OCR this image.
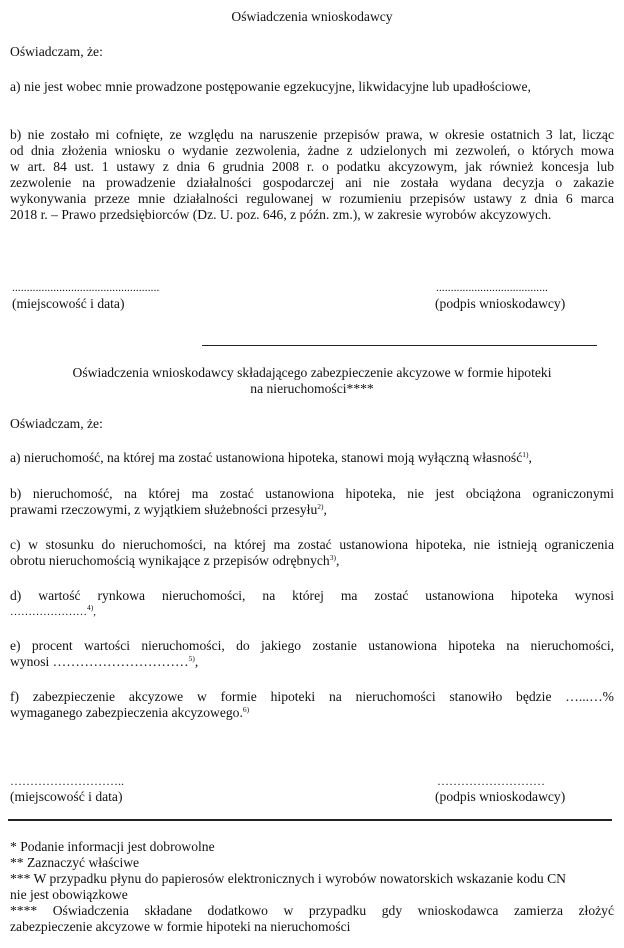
Oświadczenia wnioskodawcy
Oświadczam, że:
a) nie jest wobec mnie prowadzone postępowanie egzekucyjne, likwidacyjne lub upadłościowe,
b) nie zostało mi cofnięte, ze względu na naruszenie przepisów prawa, w okresie ostatnich 3 lat, licząc
od dnia złożenia wniosku o wydanie zezwolenia, żadne z udzielonych mi zezwoleń, o których mowa
w art. 84 ust. 1 ustawy z dnia 6 grudnia 2008 r. o podatku akcyzowym, jak również koncesja lub
zezwolenie na prowadzenie działalności gospodarczej ani nie została wydana decyzja o zakazie
wykonywania przeze mnie działalności regulowanej w rozumieniu przepisów ustawy z dnia 6 marca
2018 r. – Prawo przedsiębiorców (Dz. U. poz. 646, z późn. zm.), w zakresie wyrobów akcyzowych.
..................................................
(miejscowość i data)
......................................
(podpis wnioskodawcy)
Oświadczenia wnioskodawcy składającego zabezpieczenie akcyzowe w formie hipoteki
na nieruchomości****
Oświadczam, że:
a) nieruchomość, na której ma zostać ustanowiona hipoteka, stanowi moją wyłączną własność$^{1)}$,
b) nieruchomość, na której ma zostać ustanowiona hipoteka, nie jest obciążona ograniczonymi
prawami rzeczowymi, z wyjątkiem służebności przesyłu$^{2)}$,
c) w stosunku do nieruchomości, na której ma zostać ustanowiona hipoteka, nie istnieją ograniczenia
obrotu nieruchomością wynikające z przepisów odrębnych$^{3)}$,
d) wartość rynkowa nieruchomości, na której ma zostać ustanowiona hipoteka wynosi
…………………$^{4)}$,
e) procent wartości nieruchomości, do jakiego zostanie ustanowiona hipoteka na nieruchomości,
wynosi …………………………$^{5)}$,
f) zabezpieczenie akcyzowe w formie hipoteki na nieruchomości stanowiło będzie …...…%
wymaganego zabezpieczenia akcyzowego.$^{6)}$
………………………..
(miejscowość i data)
………………………
(podpis wnioskodawcy)
* Podanie informacji jest dobrowolne
** Zaznaczyć właściwe
*** W przypadku płynu do papierosów elektronicznych i wyrobów nowatorskich wskazanie kodu CN
nie jest obowiązkowe
**** Oświadczenia składane dodatkowo w przypadku gdy wnioskodawca zamierza złożyć
zabezpieczenie akcyzowe w formie hipoteki na nieruchomości
